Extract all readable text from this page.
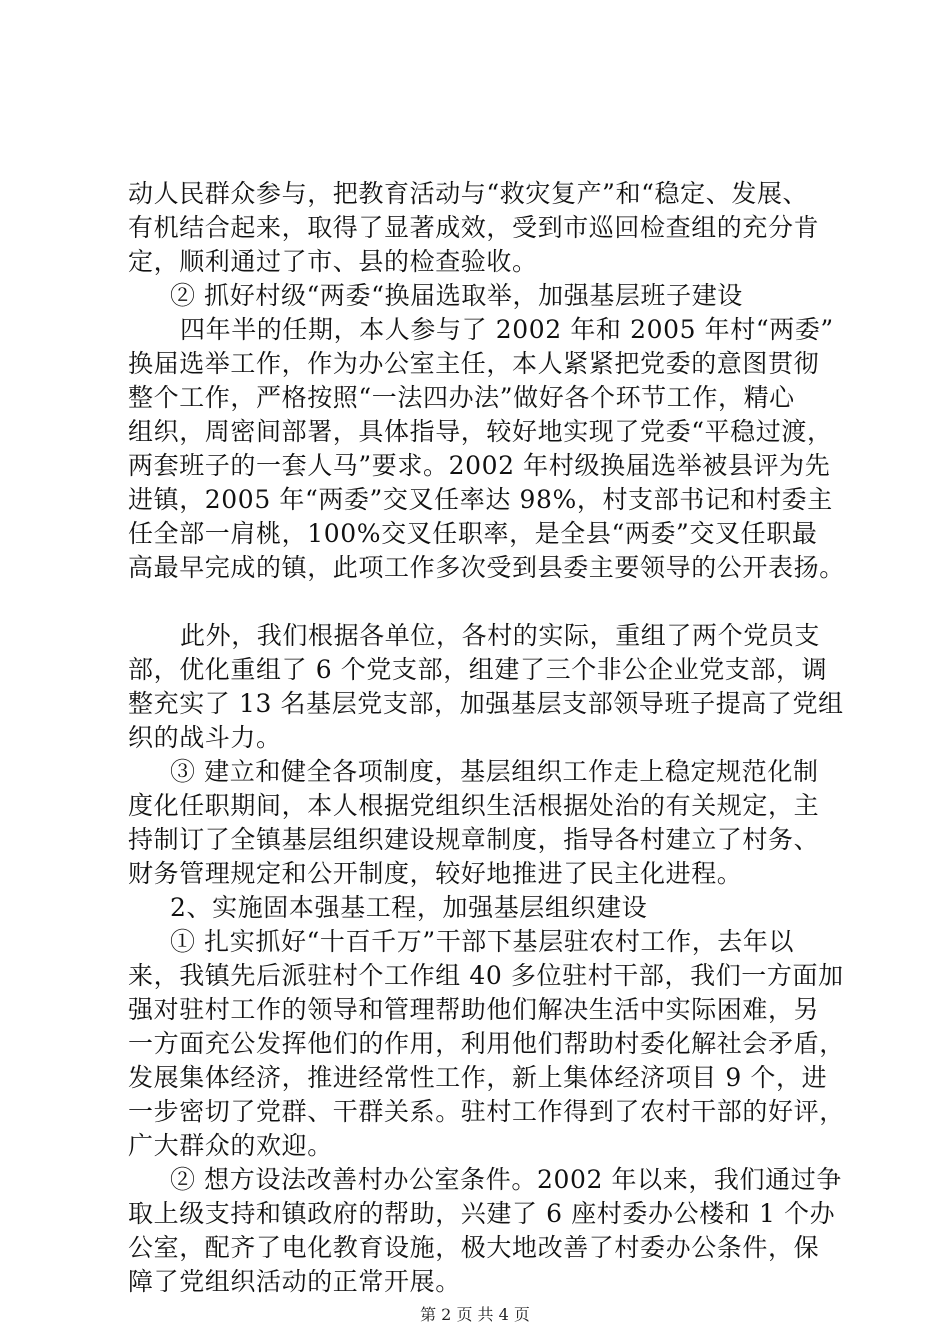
动人民群众参与，把教育活动与“救灾复产”和“稳定、发展、
有机结合起来，取得了显著成效，受到市巡回检查组的充分肯
定，顺利通过了市、县的检查验收。
② 抓好村级“两委“换届选取举，加强基层班子建设
四年半的任期，本人参与了 2002 年和 2005 年村“两委”
换届选举工作，作为办公室主任，本人紧紧把党委的意图贯彻
整个工作，严格按照“一法四办法”做好各个环节工作，精心
组织，周密间部署，具体指导，较好地实现了党委“平稳过渡，
两套班子的一套人马”要求。2002 年村级换届选举被县评为先
进镇，2005 年“两委”交叉任率达 98%，村支部书记和村委主
任全部一肩桃，100%交叉任职率，是全县“两委”交叉任职最
高最早完成的镇，此项工作多次受到县委主要领导的公开表扬。
此外，我们根据各单位，各村的实际，重组了两个党员支
部，优化重组了 6 个党支部，组建了三个非公企业党支部，调
整充实了 13 名基层党支部，加强基层支部领导班子提高了党组
织的战斗力。
③ 建立和健全各项制度，基层组织工作走上稳定规范化制
度化任职期间，本人根据党组织生活根据处治的有关规定，主
持制订了全镇基层组织建设规章制度，指导各村建立了村务、
财务管理规定和公开制度，较好地推进了民主化进程。
2、实施固本强基工程，加强基层组织建设
① 扎实抓好“十百千万”干部下基层驻农村工作，去年以
来，我镇先后派驻村个工作组 40 多位驻村干部，我们一方面加
强对驻村工作的领导和管理帮助他们解决生活中实际困难，另
一方面充公发挥他们的作用，利用他们帮助村委化解社会矛盾，
发展集体经济，推进经常性工作，新上集体经济项目 9 个，进
一步密切了党群、干群关系。驻村工作得到了农村干部的好评，
广大群众的欢迎。
② 想方设法改善村办公室条件。2002 年以来，我们通过争
取上级支持和镇政府的帮助，兴建了 6 座村委办公楼和 1 个办
公室，配齐了电化教育设施，极大地改善了村委办公条件，保
障了党组织活动的正常开展。
第 2 页 共 4 页
